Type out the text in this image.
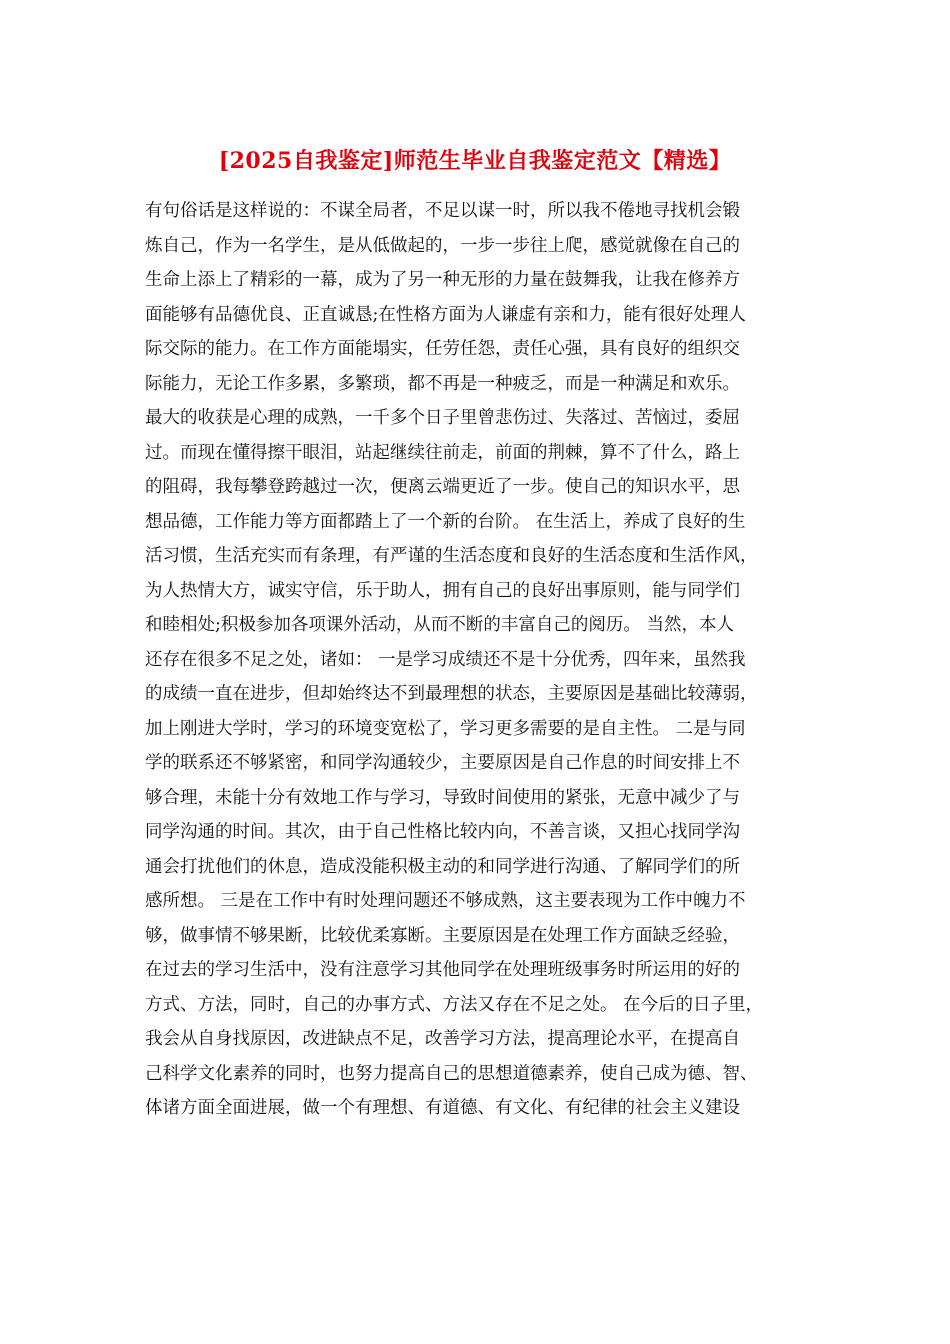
[2025自我鉴定]师范生毕业自我鉴定范文【精选】
有句俗话是这样说的：不谋全局者，不足以谋一时，所以我不倦地寻找机会锻
炼自己，作为一名学生，是从低做起的，一步一步往上爬，感觉就像在自己的
生命上添上了精彩的一幕，成为了另一种无形的力量在鼓舞我，让我在修养方
面能够有品德优良、正直诚恳;在性格方面为人谦虚有亲和力，能有很好处理人
际交际的能力。在工作方面能塌实，任劳任怨，责任心强，具有良好的组织交
际能力，无论工作多累，多繁琐，都不再是一种疲乏，而是一种满足和欢乐。
最大的收获是心理的成熟，一千多个日子里曾悲伤过、失落过、苦恼过，委屈
过。而现在懂得擦干眼泪，站起继续往前走，前面的荆棘，算不了什么，路上
的阻碍，我每攀登跨越过一次，便离云端更近了一步。使自己的知识水平，思
想品德，工作能力等方面都踏上了一个新的台阶。 在生活上，养成了良好的生
活习惯，生活充实而有条理，有严谨的生活态度和良好的生活态度和生活作风，
为人热情大方，诚实守信，乐于助人，拥有自己的良好出事原则，能与同学们
和睦相处;积极参加各项课外活动，从而不断的丰富自己的阅历。 当然，本人
还存在很多不足之处，诸如： 一是学习成绩还不是十分优秀，四年来，虽然我
的成绩一直在进步，但却始终达不到最理想的状态，主要原因是基础比较薄弱，
加上刚进大学时，学习的环境变宽松了，学习更多需要的是自主性。 二是与同
学的联系还不够紧密，和同学沟通较少，主要原因是自己作息的时间安排上不
够合理，未能十分有效地工作与学习，导致时间使用的紧张，无意中减少了与
同学沟通的时间。其次，由于自己性格比较内向，不善言谈，又担心找同学沟
通会打扰他们的休息，造成没能积极主动的和同学进行沟通、了解同学们的所
感所想。 三是在工作中有时处理问题还不够成熟，这主要表现为工作中魄力不
够，做事情不够果断，比较优柔寡断。主要原因是在处理工作方面缺乏经验，
在过去的学习生活中，没有注意学习其他同学在处理班级事务时所运用的好的
方式、方法，同时，自己的办事方式、方法又存在不足之处。 在今后的日子里，
我会从自身找原因，改进缺点不足，改善学习方法，提高理论水平，在提高自
己科学文化素养的同时，也努力提高自己的思想道德素养，使自己成为德、智、
体诸方面全面进展，做一个有理想、有道德、有文化、有纪律的社会主义建设
